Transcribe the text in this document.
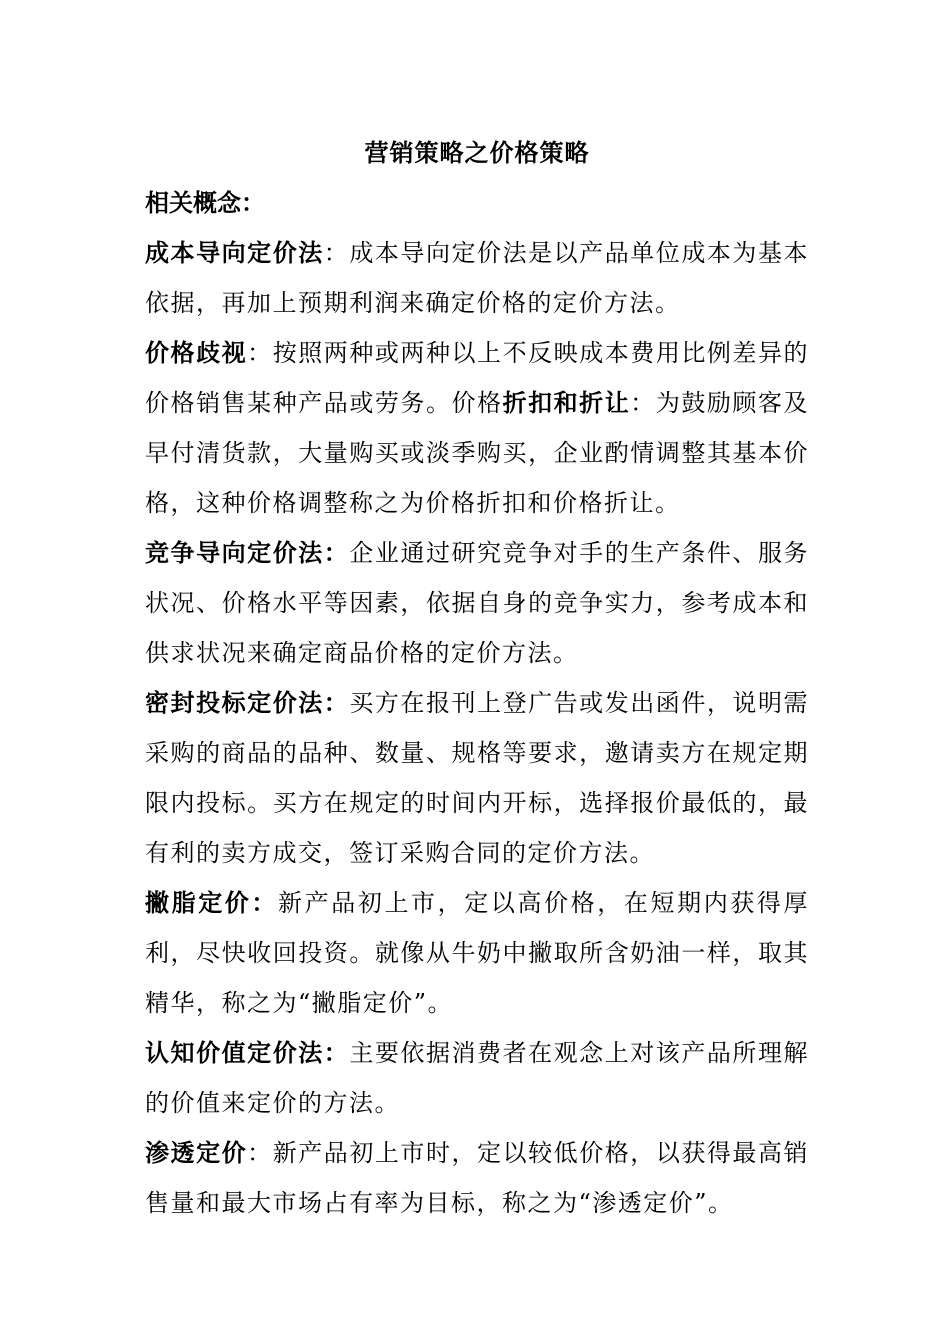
营销策略之价格策略

相关概念：

成本导向定价法：成本导向定价法是以产品单位成本为基本依据，再加上预期利润来确定价格的定价方法。

价格歧视：按照两种或两种以上不反映成本费用比例差异的价格销售某种产品或劳务。价格折扣和折让：为鼓励顾客及早付清货款，大量购买或淡季购买，企业酌情调整其基本价格，这种价格调整称之为价格折扣和价格折让。

竞争导向定价法：企业通过研究竞争对手的生产条件、服务状况、价格水平等因素，依据自身的竞争实力，参考成本和供求状况来确定商品价格的定价方法。

密封投标定价法：买方在报刊上登广告或发出函件，说明需采购的商品的品种、数量、规格等要求，邀请卖方在规定期限内投标。买方在规定的时间内开标，选择报价最低的，最有利的卖方成交，签订采购合同的定价方法。

撇脂定价：新产品初上市，定以高价格，在短期内获得厚利，尽快收回投资。就像从牛奶中撇取所含奶油一样，取其精华，称之为“撇脂定价”。

认知价值定价法：主要依据消费者在观念上对该产品所理解的价值来定价的方法。

渗透定价：新产品初上市时，定以较低价格，以获得最高销售量和最大市场占有率为目标，称之为“渗透定价”。
